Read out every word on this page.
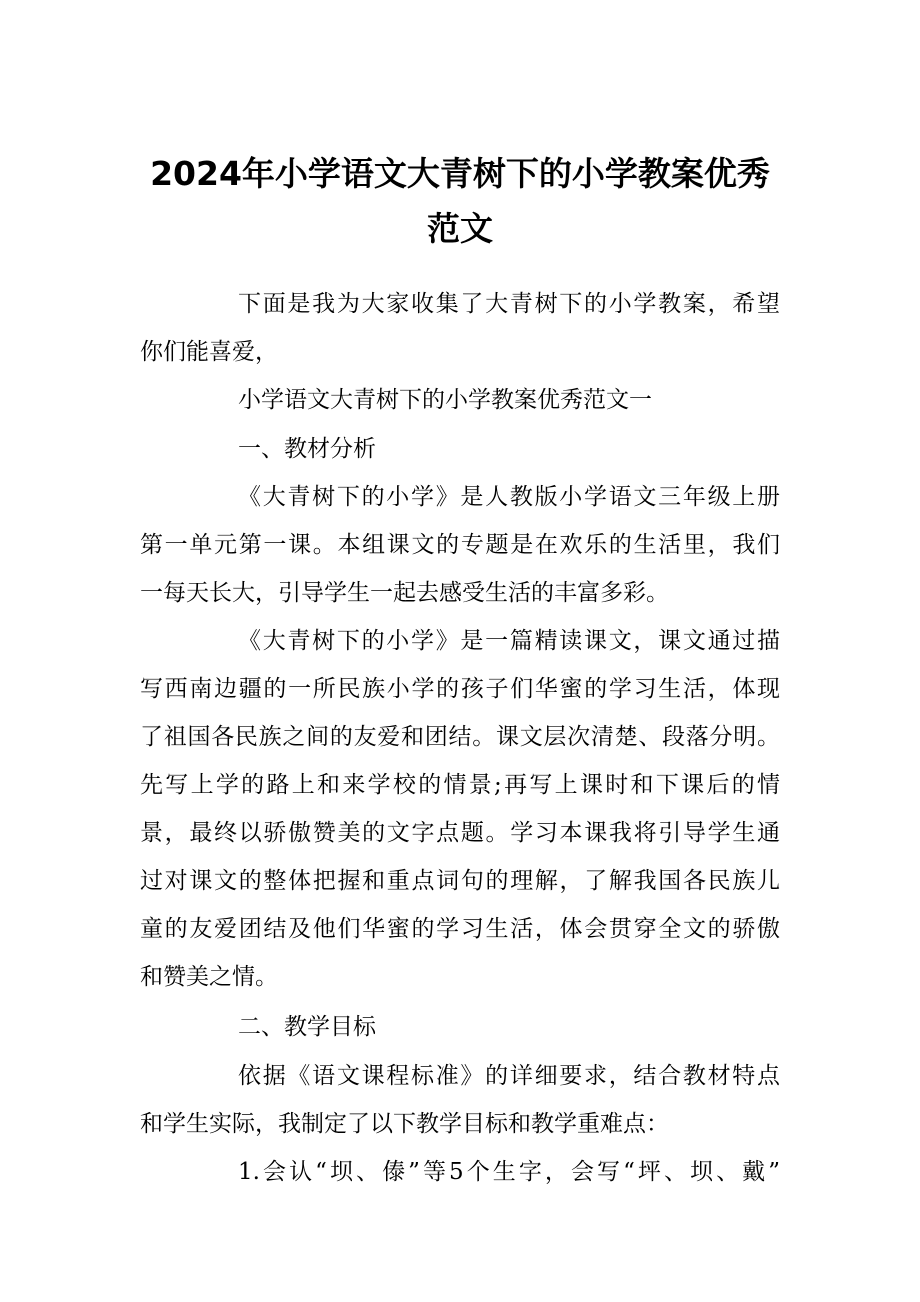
2024年小学语文大青树下的小学教案优秀
范文
下面是我为大家收集了大青树下的小学教案，希望
你们能喜爱，
小学语文大青树下的小学教案优秀范文一
一、教材分析
《大青树下的小学》是人教版小学语文三年级上册
第一单元第一课。本组课文的专题是在欢乐的生活里，我们
一每天长大，引导学生一起去感受生活的丰富多彩。
《大青树下的小学》是一篇精读课文，课文通过描
写西南边疆的一所民族小学的孩子们华蜜的学习生活，体现
了祖国各民族之间的友爱和团结。课文层次清楚、段落分明。
先写上学的路上和来学校的情景;再写上课时和下课后的情
景，最终以骄傲赞美的文字点题。学习本课我将引导学生通
过对课文的整体把握和重点词句的理解，了解我国各民族儿
童的友爱团结及他们华蜜的学习生活，体会贯穿全文的骄傲
和赞美之情。
二、教学目标
依据《语文课程标准》的详细要求，结合教材特点
和学生实际，我制定了以下教学目标和教学重难点：
1.会认“坝、傣”等5个生字，会写“坪、坝、戴”
